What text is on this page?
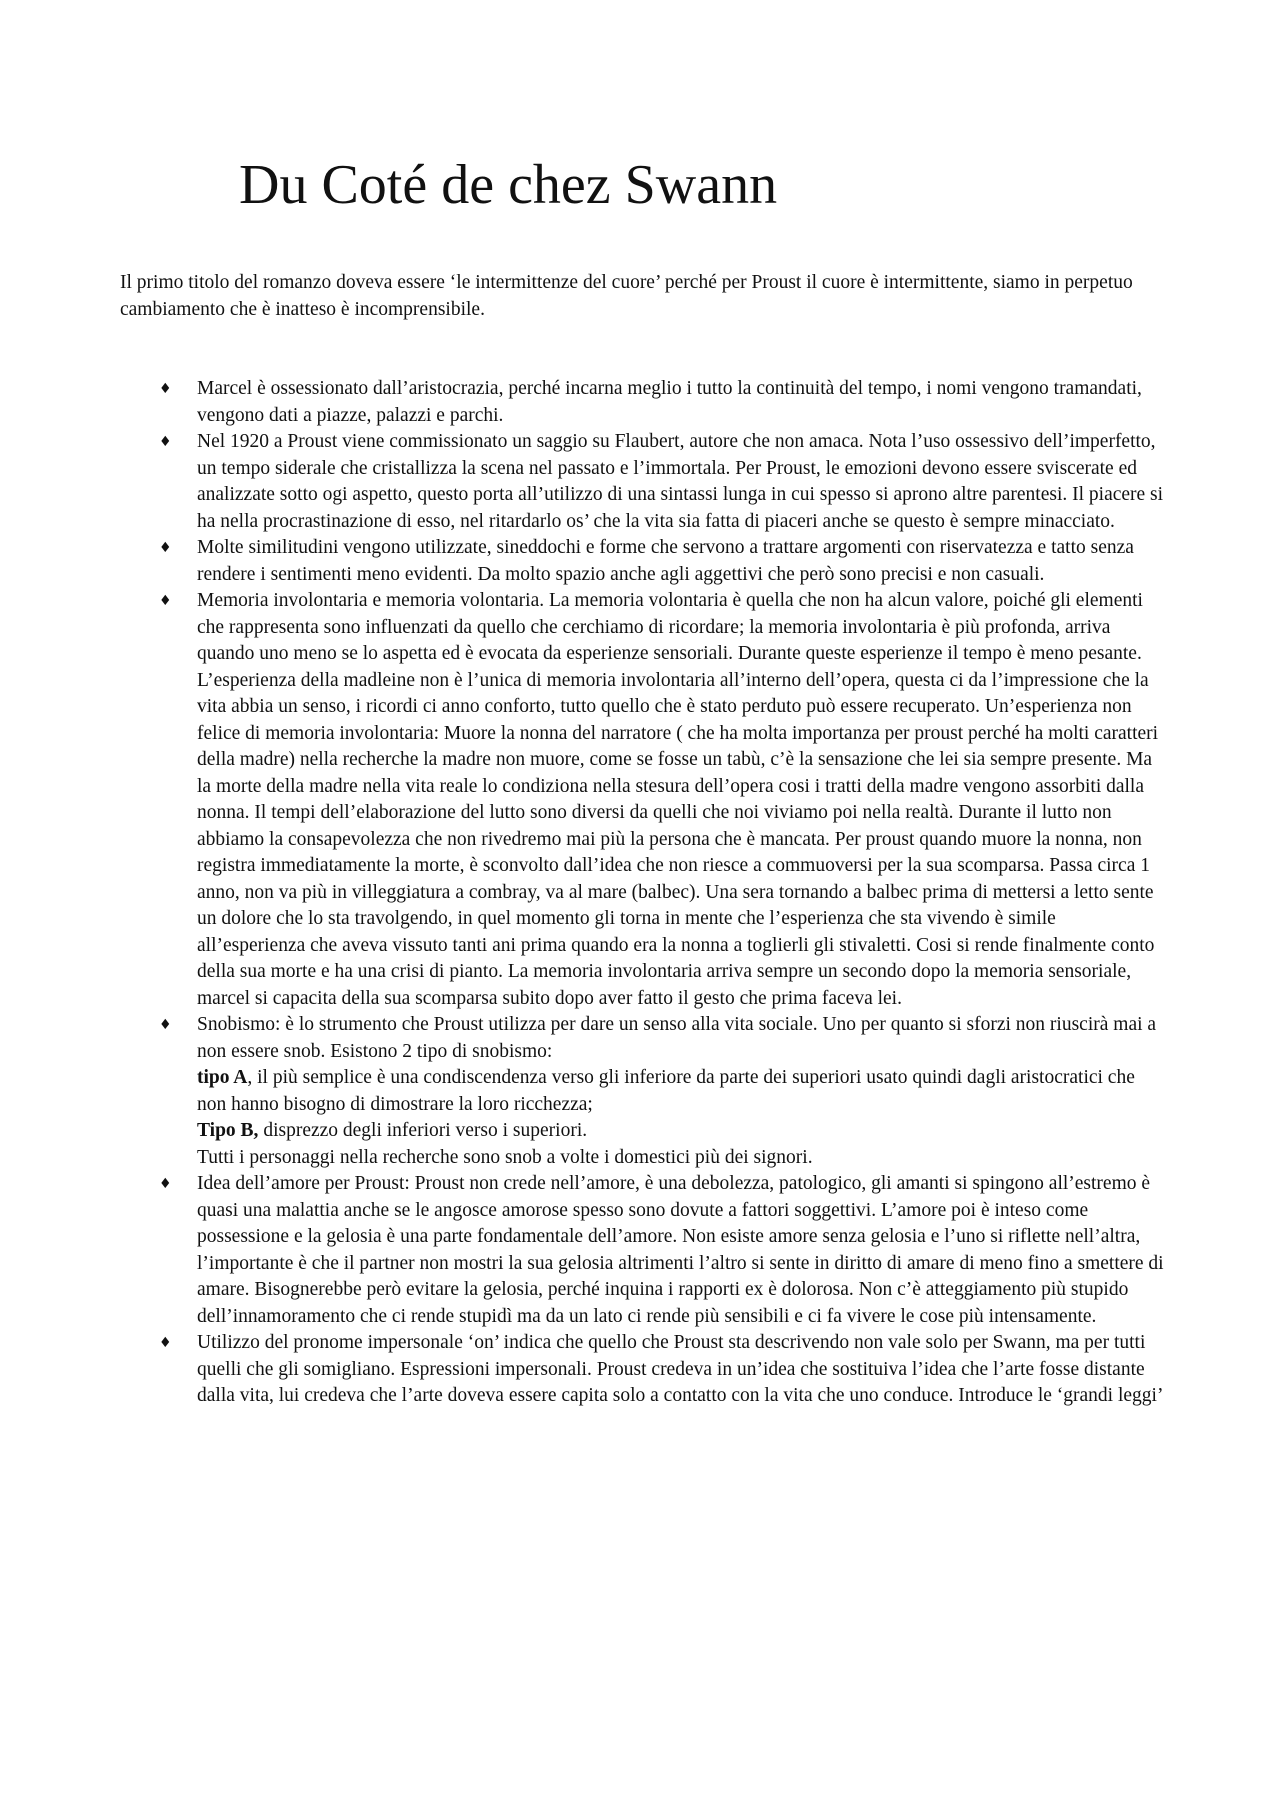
Du Coté de chez Swann

Il primo titolo del romanzo doveva essere ‘le intermittenze del cuore’ perché per Proust il cuore è intermittente, siamo in perpetuo cambiamento che è inatteso è incomprensibile.

♦ Marcel è ossessionato dall’aristocrazia, perché incarna meglio i tutto la continuità del tempo, i nomi vengono tramandati, vengono dati a piazze, palazzi e parchi.
♦ Nel 1920 a Proust viene commissionato un saggio su Flaubert, autore che non amaca. Nota l’uso ossessivo dell’imperfetto, un tempo siderale che cristallizza la scena nel passato e l’immortala. Per Proust, le emozioni devono essere sviscerate ed analizzate sotto ogi aspetto, questo porta all’utilizzo di una sintassi lunga in cui spesso si aprono altre parentesi. Il piacere si ha nella procrastinazione di esso, nel ritardarlo os’ che la vita sia fatta di piaceri anche se questo è sempre minacciato.
♦ Molte similitudini vengono utilizzate, sineddochi e forme che servono a trattare argomenti con riservatezza e tatto senza rendere i sentimenti meno evidenti. Da molto spazio anche agli aggettivi che però sono precisi e non casuali.
♦ Memoria involontaria e memoria volontaria. La memoria volontaria è quella che non ha alcun valore, poiché gli elementi che rappresenta sono influenzati da quello che cerchiamo di ricordare; la memoria involontaria è più profonda, arriva quando uno meno se lo aspetta ed è evocata da esperienze sensoriali. Durante queste esperienze il tempo è meno pesante. L’esperienza della madleine non è l’unica di memoria involontaria all’interno dell’opera, questa ci da l’impressione che la vita abbia un senso, i ricordi ci anno conforto, tutto quello che è stato perduto può essere recuperato. Un’esperienza non felice di memoria involontaria: Muore la nonna del narratore ( che ha molta importanza per proust perché ha molti caratteri della madre) nella recherche la madre non muore, come se fosse un tabù, c’è la sensazione che lei sia sempre presente. Ma la morte della madre nella vita reale lo condiziona nella stesura dell’opera cosi i tratti della madre vengono assorbiti dalla nonna. Il tempi dell’elaborazione del lutto sono diversi da quelli che noi viviamo poi nella realtà. Durante il lutto non abbiamo la consapevolezza che non rivedremo mai più la persona che è mancata. Per proust quando muore la nonna, non registra immediatamente la morte, è sconvolto dall’idea che non riesce a commuoversi per la sua scomparsa. Passa circa 1 anno, non va più in villeggiatura a combray, va al mare (balbec). Una sera tornando a balbec prima di mettersi a letto sente un dolore che lo sta travolgendo, in quel momento gli torna in mente che l’esperienza che sta vivendo è simile all’esperienza che aveva vissuto tanti ani prima quando era la nonna a toglierli gli stivaletti. Cosi si rende finalmente conto della sua morte e ha una crisi di pianto. La memoria involontaria arriva sempre un secondo dopo la memoria sensoriale, marcel si capacita della sua scomparsa subito dopo aver fatto il gesto che prima faceva lei.
♦ Snobismo: è lo strumento che Proust utilizza per dare un senso alla vita sociale. Uno per quanto si sforzi non riuscirà mai a non essere snob. Esistono 2 tipo di snobismo:
tipo A, il più semplice è una condiscendenza verso gli inferiore da parte dei superiori usato quindi dagli aristocratici che non hanno bisogno di dimostrare la loro ricchezza;
Tipo B, disprezzo degli inferiori verso i superiori.
Tutti i personaggi nella recherche sono snob a volte i domestici più dei signori.
♦ Idea dell’amore per Proust: Proust non crede nell’amore, è una debolezza, patologico, gli amanti si spingono all’estremo è quasi una malattia anche se le angosce amorose spesso sono dovute a fattori soggettivi. L’amore poi è inteso come possessione e la gelosia è una parte fondamentale dell’amore. Non esiste amore senza gelosia e l’uno si riflette nell’altra, l’importante è che il partner non mostri la sua gelosia altrimenti l’altro si sente in diritto di amare di meno fino a smettere di amare. Bisognerebbe però evitare la gelosia, perché inquina i rapporti ex è dolorosa. Non c’è atteggiamento più stupido dell’innamoramento che ci rende stupidì ma da un lato ci rende più sensibili e ci fa vivere le cose più intensamente.
♦ Utilizzo del pronome impersonale ‘on’ indica che quello che Proust sta descrivendo non vale solo per Swann, ma per tutti quelli che gli somigliano. Espressioni impersonali. Proust credeva in un’idea che sostituiva l’idea che l’arte fosse distante dalla vita, lui credeva che l’arte doveva essere capita solo a contatto con la vita che uno conduce. Introduce le ‘grandi leggi’
